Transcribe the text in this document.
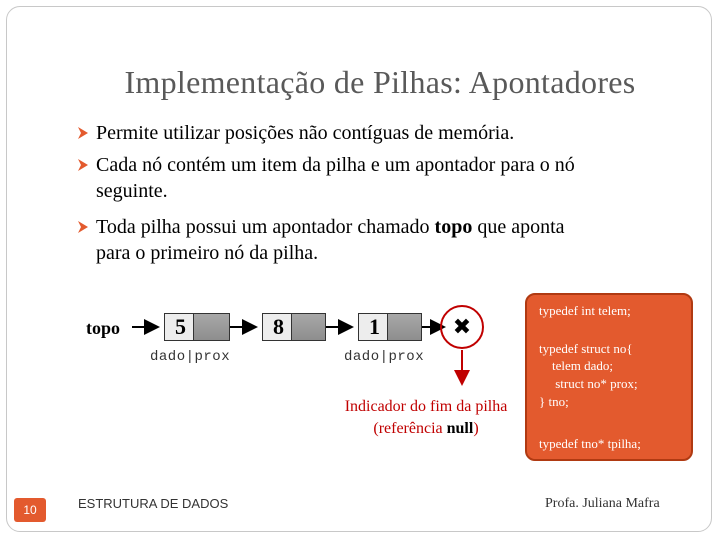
Implementação de Pilhas: Apontadores
Permite utilizar posições não contíguas de memória.
Cada nó contém um item da pilha e um apontador para o nó
seguinte.
Toda pilha possui um apontador chamado topo que aponta
para o primeiro nó da pilha.
topo	5
dado|prox
8	1
dado|prox
✖
Indicador do fim da pilha (referência null)
typedef int telem;
typedef struct no{
telem dado;
struct no* prox;
} tno;
typedef tno* tpilha;
10	ESTRUTURA DE DADOS	Profa. Juliana Mafra
